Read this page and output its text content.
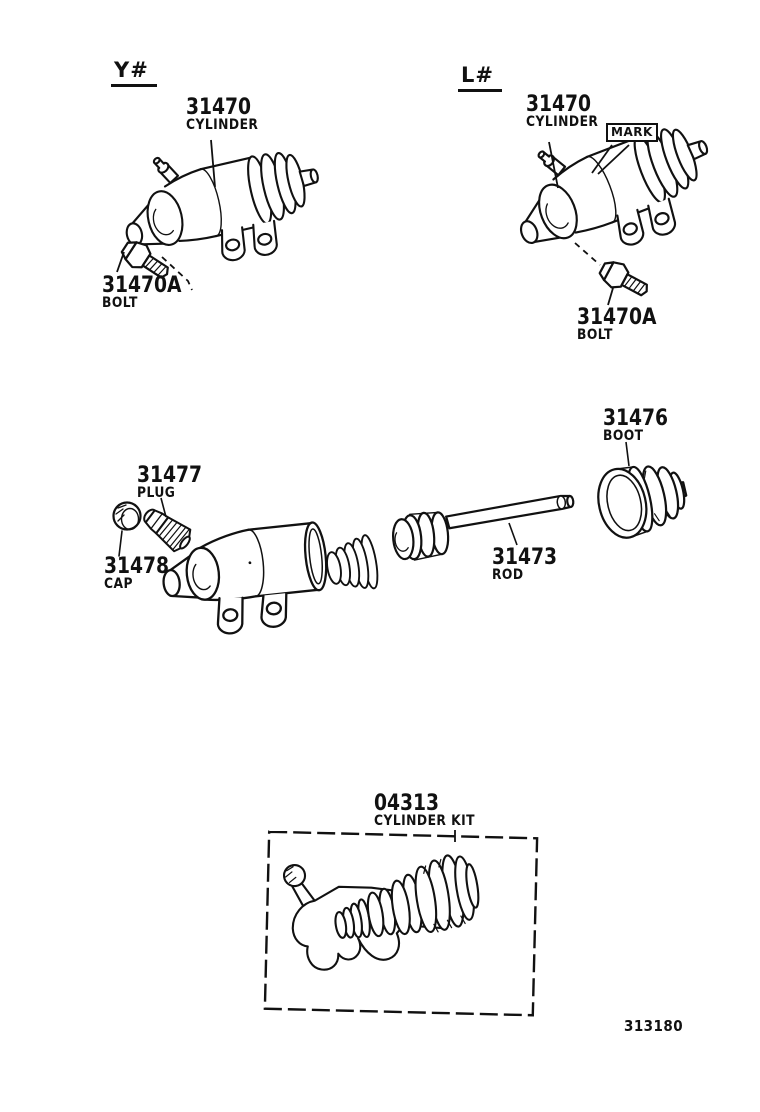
Y#	L#
31470
CYLINDER
31470A
BOLT
31470
CYLINDER
MARK
31470A
BOLT
31477
PLUG
31478
CAP
31473
ROD
31476
BOOT
04313
CYLINDER KIT
313180
